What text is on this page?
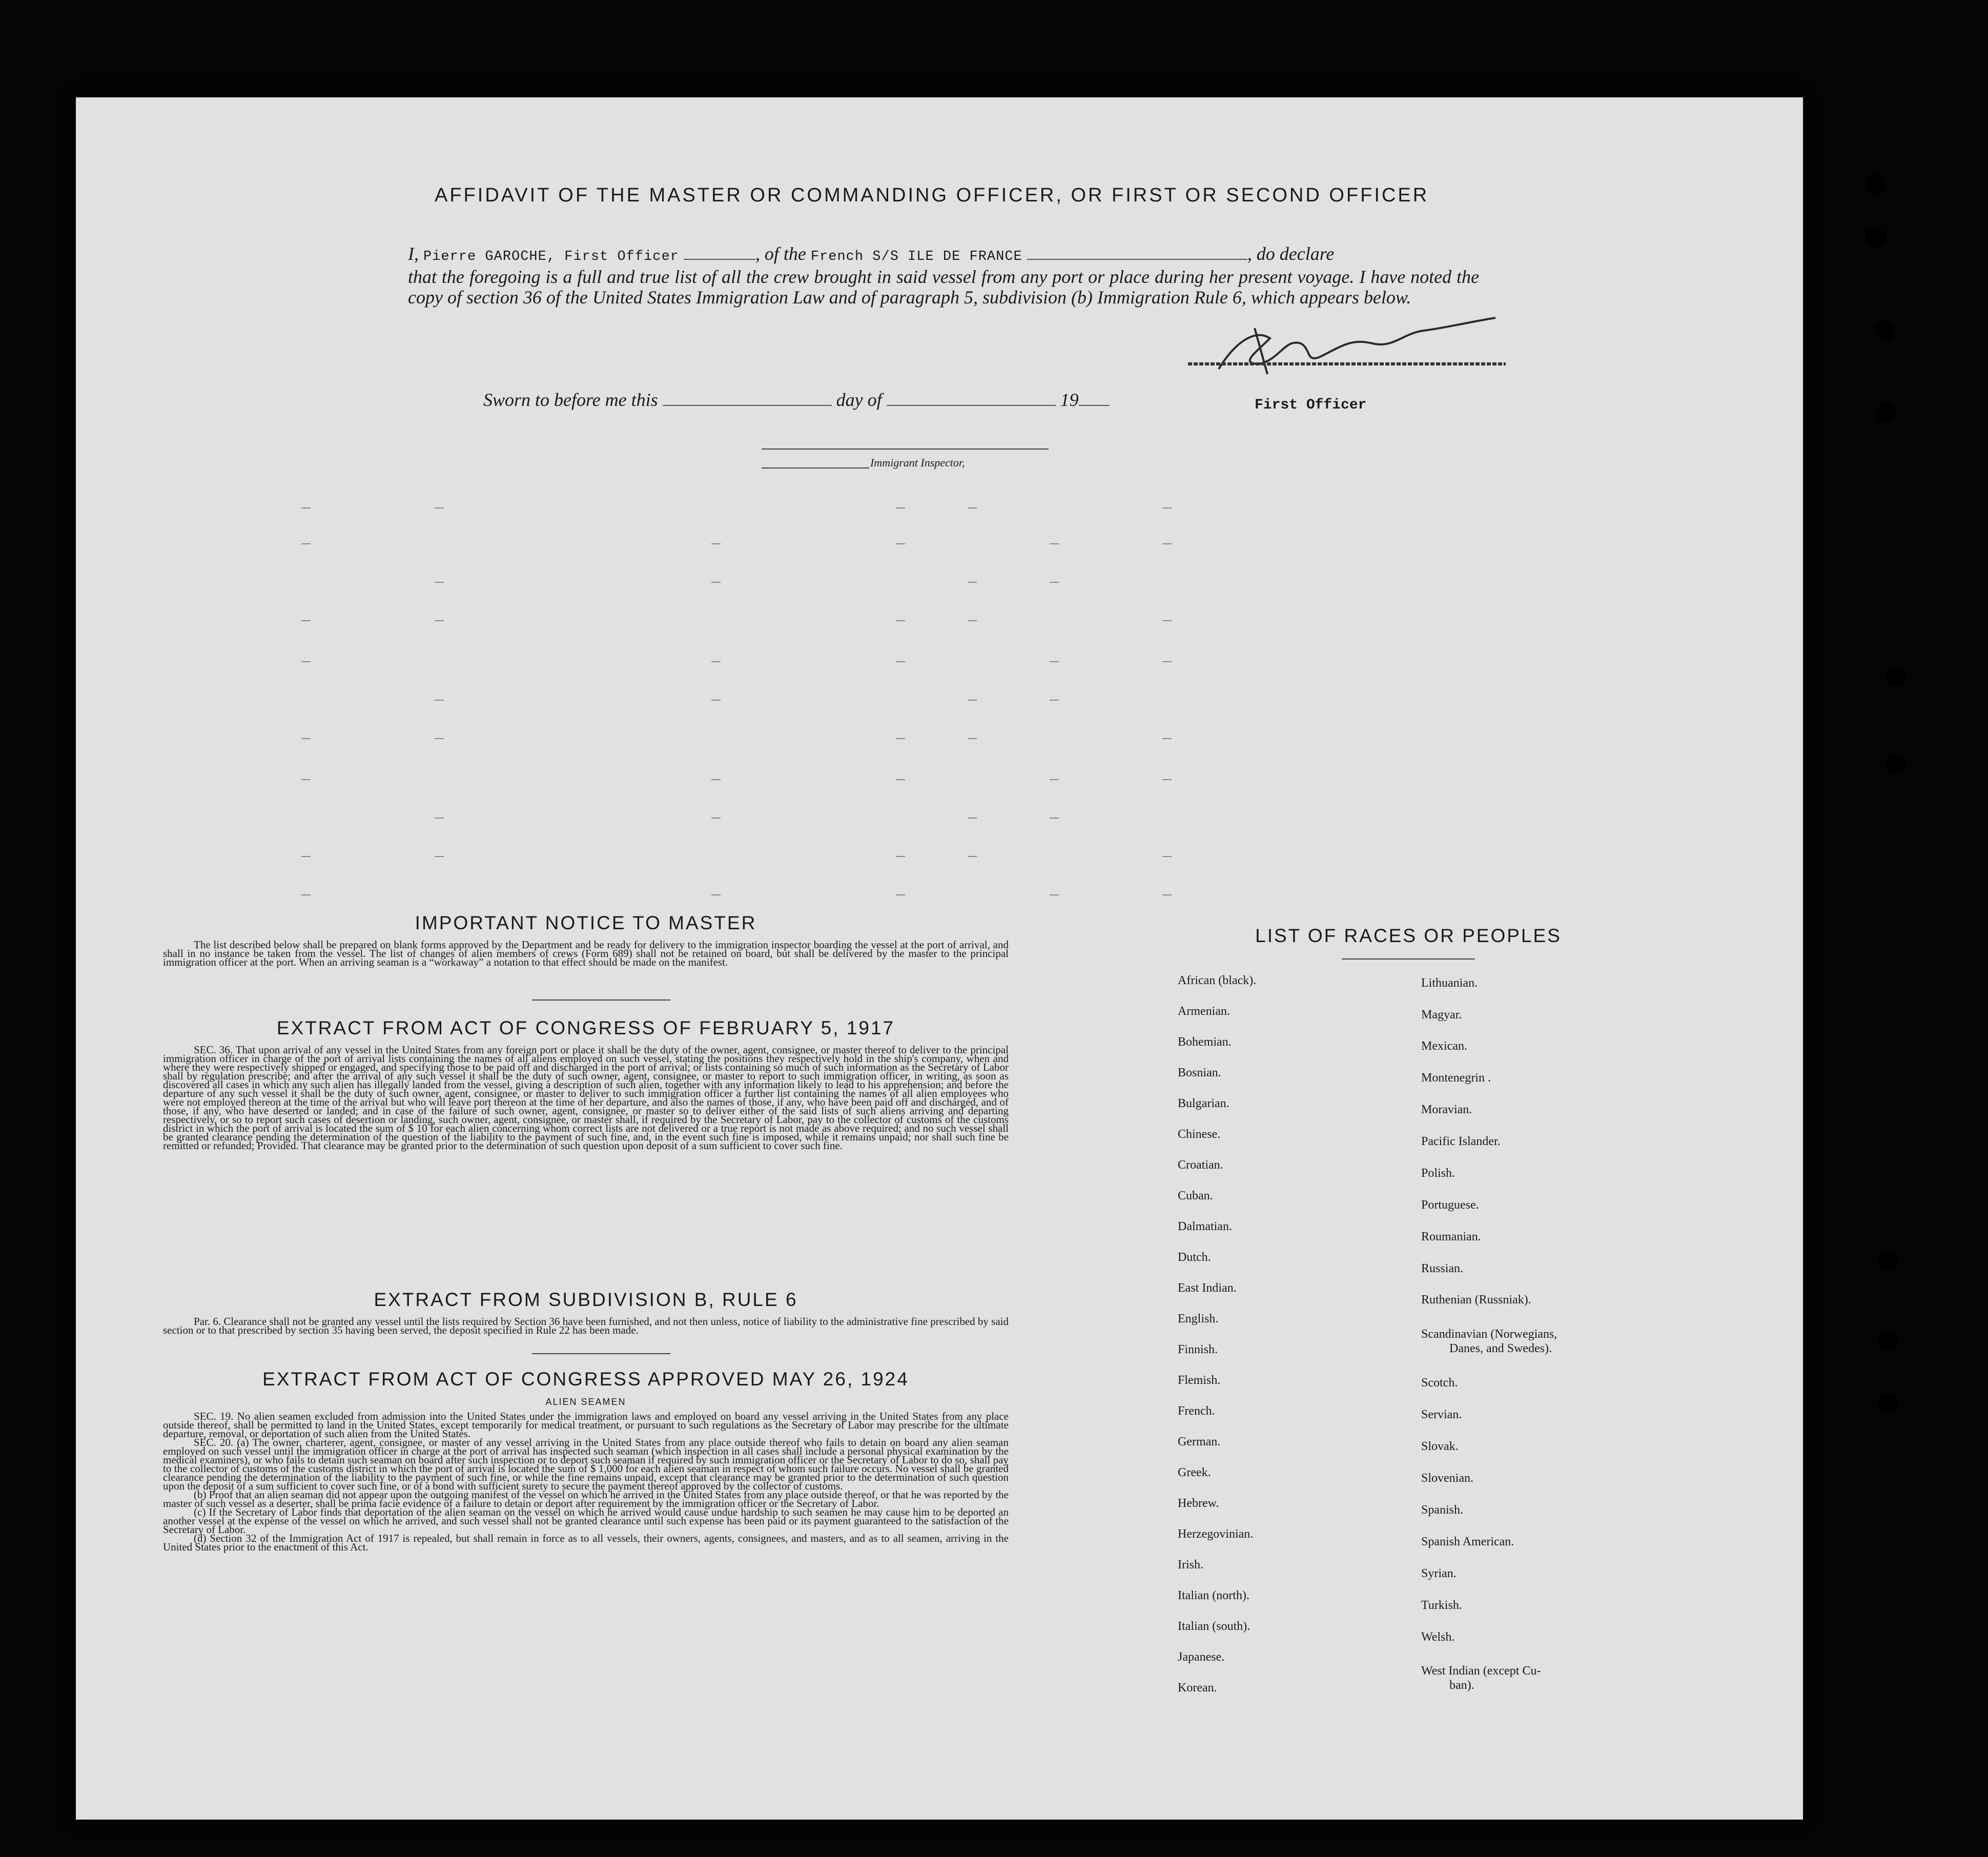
AFFIDAVIT OF THE MASTER OR COMMANDING OFFICER, OR FIRST OR SECOND OFFICER
I, Pierre GAROCHE, First Officer	, of the French S/S ILE DE FRANCE	, do declare
that the foregoing is a full and true list of all the crew brought in said vessel from any port or place during her present voyage. I have noted the copy of section 36 of the United States Immigration Law and of paragraph 5, subdivision (b) Immigration Rule 6, which appears below.
Sworn to before me this	day of	19	First Officer
Immigrant Inspector,
IMPORTANT NOTICE TO MASTER

The list described below shall be prepared on blank forms approved by the Department and be ready for delivery to the immigration inspector boarding the vessel at the port of arrival, and shall in no instance be taken from the vessel. The list of changes of alien members of crews (Form 689) shall not be retained on board, but shall be delivered by the master to the principal immigration officer at the port. When an arriving seaman is a “workaway” a notation to that effect should be made on the manifest.

EXTRACT FROM ACT OF CONGRESS OF FEBRUARY 5, 1917

SEC. 36. That upon arrival of any vessel in the United States from any foreign port or place it shall be the duty of the owner, agent, consignee, or master thereof to deliver to the principal immigration officer in charge of the port of arrival lists containing the names of all aliens employed on such vessel, stating the positions they respectively hold in the ship's company, when and where they were respectively shipped or engaged, and specifying those to be paid off and discharged in the port of arrival; or lists containing so much of such information as the Secretary of Labor shall by regulation prescribe; and after the arrival of any such vessel it shall be the duty of such owner, agent, consignee, or master to report to such immigration officer, in writing, as soon as discovered all cases in which any such alien has illegally landed from the vessel, giving a description of such alien, together with any information likely to lead to his apprehension; and before the departure of any such vessel it shall be the duty of such owner, agent, consignee, or master to deliver to such immigration officer a further list containing the names of all alien employees who were not employed thereon at the time of the arrival but who will leave port thereon at the time of her departure, and also the names of those, if any, who have been paid off and discharged, and of those, if any, who have deserted or landed; and in case of the failure of such owner, agent, consignee, or master so to deliver either of the said lists of such aliens arriving and departing respectively, or so to report such cases of desertion or landing, such owner, agent, consignee, or master shall, if required by the Secretary of Labor, pay to the collector of customs of the customs district in which the port of arrival is located the sum of $ 10 for each alien concerning whom correct lists are not delivered or a true report is not made as above required; and no such vessel shall be granted clearance pending the determination of the question of the liability to the payment of such fine, and, in the event such fine is imposed, while it remains unpaid; nor shall such fine be remitted or refunded; Provided. That clearance may be granted prior to the determination of such question upon deposit of a sum sufficient to cover such fine.

EXTRACT FROM SUBDIVISION B, RULE 6

Par. 6. Clearance shall not be granted any vessel until the lists required by Section 36 have been furnished, and not then unless, notice of liability to the administrative fine prescribed by said section or to that prescribed by section 35 having been served, the deposit specified in Rule 22 has been made.

EXTRACT FROM ACT OF CONGRESS APPROVED MAY 26, 1924
ALIEN SEAMEN

SEC. 19. No alien seamen excluded from admission into the United States under the immigration laws and employed on board any vessel arriving in the United States from any place outside thereof, shall be permitted to land in the United States, except temporarily for medical treatment, or pursuant to such regulations as the Secretary of Labor may prescribe for the ultimate departure, removal, or deportation of such alien from the United States.

SEC. 20. (a) The owner, charterer, agent, consignee, or master of any vessel arriving in the United States from any place outside thereof who fails to detain on board any alien seaman employed on such vessel until the immigration officer in charge at the port of arrival has inspected such seaman (which inspection in all cases shall include a personal physical examination by the medical examiners), or who fails to detain such seaman on board after such inspection or to deport such seaman if required by such immigration officer or the Secretary of Labor to do so, shall pay to the collector of customs of the customs district in which the port of arrival is located the sum of $ 1,000 for each alien seaman in respect of whom such failure occurs. No vessel shall be granted clearance pending the determination of the liability to the payment of such fine, or while the fine remains unpaid, except that clearance may be granted prior to the determination of such question upon the deposit of a sum sufficient to cover such fine, or of a bond with sufficient surety to secure the payment thereof approved by the collector of customs.

(b) Proof that an alien seaman did not appear upon the outgoing manifest of the vessel on which he arrived in the United States from any place outside thereof, or that he was reported by the master of such vessel as a deserter, shall be prima facie evidence of a failure to detain or deport after requirement by the immigration officer or the Secretary of Labor.

(c) If the Secretary of Labor finds that deportation of the alien seaman on the vessel on which he arrived would cause undue hardship to such seamen he may cause him to be deported an another vessel at the expense of the vessel on which he arrived, and such vessel shall not be granted clearance until such expense has been paid or its payment guaranteed to the satisfaction of the Secretary of Labor.

(d) Section 32 of the Immigration Act of 1917 is repealed, but shall remain in force as to all vessels, their owners, agents, consignees, and masters, and as to all seamen, arriving in the United States prior to the enactment of this Act.

LIST OF RACES OR PEOPLES
African (black).
Armenian.
Bohemian.
Bosnian.
Bulgarian.
Chinese.
Croatian.
Cuban.
Dalmatian.
Dutch.
East Indian.
English.
Finnish.
Flemish.
French.
German.
Greek.
Hebrew.
Herzegovinian.
Irish.
Italian (north).
Italian (south).
Japanese.
Korean.
Lithuanian.
Magyar.
Mexican.
Montenegrin .
Moravian.
Pacific Islander.
Polish.
Portuguese.
Roumanian.
Russian.
Ruthenian (Russniak).
Scandinavian (Norwegians,
Danes, and Swedes).
Scotch.
Servian.
Slovak.
Slovenian.
Spanish.
Spanish American.
Syrian.
Turkish.
Welsh.
West Indian (except Cu-
ban).
